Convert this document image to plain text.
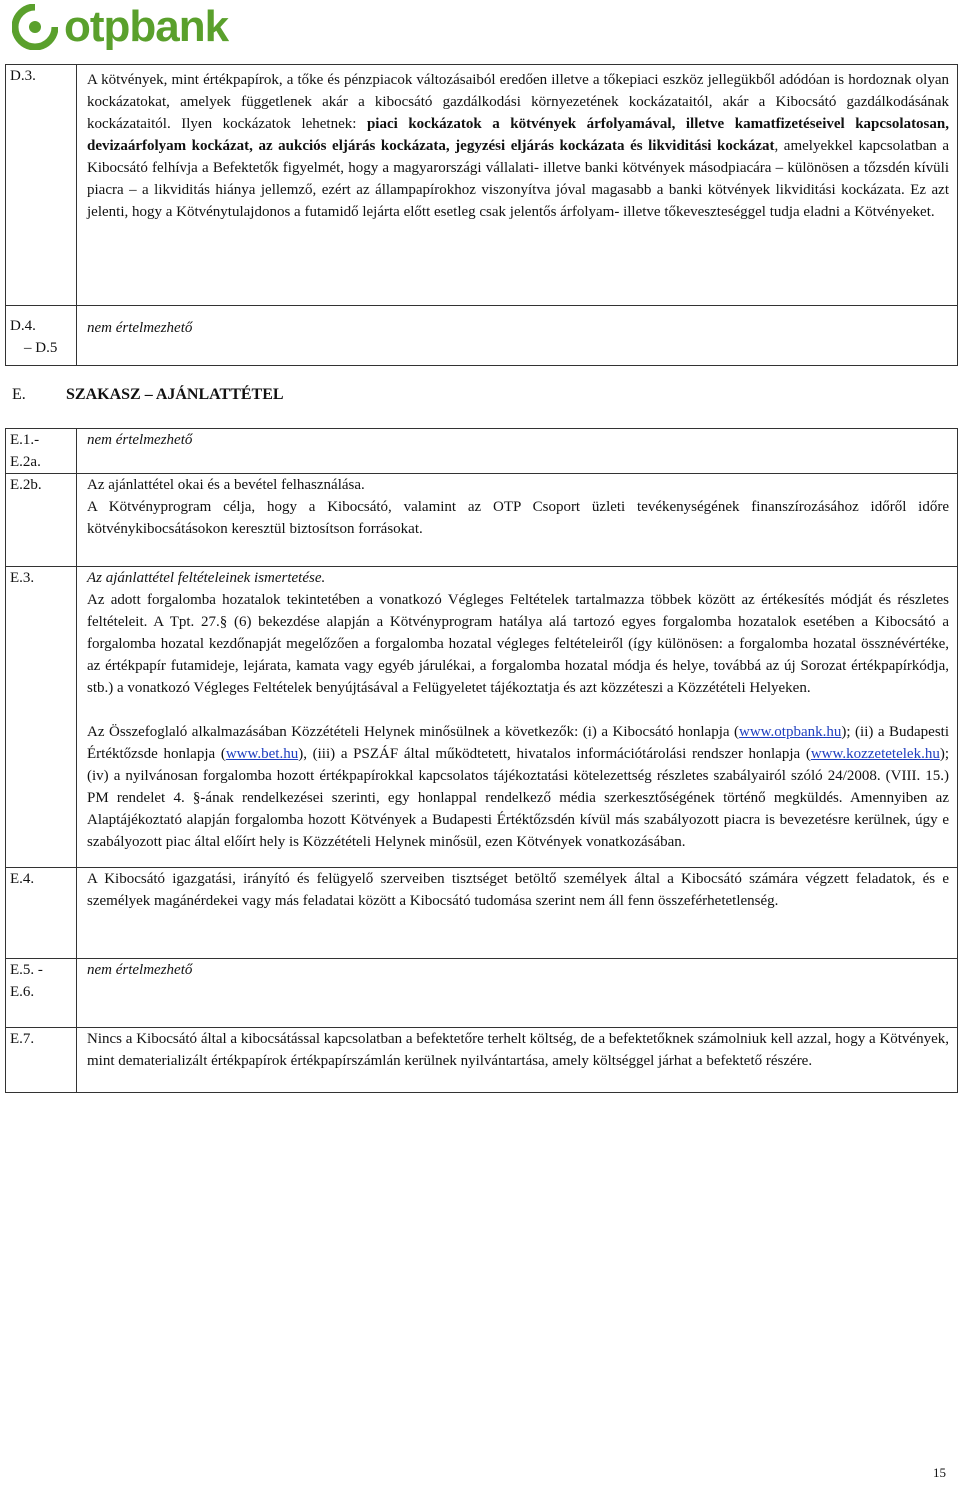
otpbank
D.3.	A kötvények, mint értékpapírok, a tőke és pénzpiacok változásaiból eredően illetve a tőkepiaci eszköz jellegükből adódóan is hordoznak olyan kockázatokat, amelyek függetlenek akár a kibocsátó gazdálkodási környezetének kockázataitól, akár a Kibocsátó gazdálkodásának kockázataitól. Ilyen kockázatok lehetnek: piaci kockázatok a kötvények árfolyamával, illetve kamatfizetéseivel kapcsolatosan, devizaárfolyam kockázat, az aukciós eljárás kockázata, jegyzési eljárás kockázata és likviditási kockázat, amelyekkel kapcsolatban a Kibocsátó felhívja a Befektetők figyelmét, hogy a magyarországi vállalati- illetve banki kötvények másodpiacára – különösen a tőzsdén kívüli piacra – a likviditás hiánya jellemző, ezért az állampapírokhoz viszonyítva jóval magasabb a banki kötvények likviditási kockázata. Ez azt jelenti, hogy a Kötvénytulajdonos a futamidő lejárta előtt esetleg csak jelentős árfolyam- illetve tőkeveszteséggel tudja eladni a Kötvényeket.

D.4.
– D.5	nem értelmezhető
E.	SZAKASZ – AJÁNLATTÉTEL
E.1.-
E.2a.	nem értelmezhető
E.2b.	Az ajánlattétel okai és a bevétel felhasználása.

A Kötvényprogram célja, hogy a Kibocsátó, valamint az OTP Csoport üzleti tevékenységének finanszírozásához időről időre kötvénykibocsátásokon keresztül biztosítson forrásokat.

E.3.	Az ajánlattétel feltételeinek ismertetése.

Az adott forgalomba hozatalok tekintetében a vonatkozó Végleges Feltételek tartalmazza többek között az értékesítés módját és részletes feltételeit. A Tpt. 27.§ (6) bekezdése alapján a Kötvényprogram hatálya alá tartozó egyes forgalomba hozatalok esetében a Kibocsátó a forgalomba hozatal kezdőnapját megelőzően a forgalomba hozatal végleges feltételeiről (így különösen: a forgalomba hozatal össznévértéke, az értékpapír futamideje, lejárata, kamata vagy egyéb járulékai, a forgalomba hozatal módja és helye, továbbá az új Sorozat értékpapírkódja, stb.) a vonatkozó Végleges Feltételek benyújtásával a Felügyeletet tájékoztatja és azt közzéteszi a Közzétételi Helyeken.

Az Összefoglaló alkalmazásában Közzétételi Helynek minősülnek a következők: (i) a Kibocsátó honlapja (www.otpbank.hu); (ii) a Budapesti Értéktőzsde honlapja (www.bet.hu), (iii) a PSZÁF által működtetett, hivatalos információtárolási rendszer honlapja (www.kozzetetelek.hu); (iv) a nyilvánosan forgalomba hozott értékpapírokkal kapcsolatos tájékoztatási kötelezettség részletes szabályairól szóló 24/2008. (VIII. 15.) PM rendelet 4. §-ának rendelkezései szerinti, egy honlappal rendelkező média szerkesztőségének történő megküldés. Amennyiben az Alaptájékoztató alapján forgalomba hozott Kötvények a Budapesti Értéktőzsdén kívül más szabályozott piacra is bevezetésre kerülnek, úgy e szabályozott piac által előírt hely is Közzétételi Helynek minősül, ezen Kötvények vonatkozásában.

E.4.	A Kibocsátó igazgatási, irányító és felügyelő szerveiben tisztséget betöltő személyek által a Kibocsátó számára végzett feladatok, és e személyek magánérdekei vagy más feladatai között a Kibocsátó tudomása szerint nem áll fenn összeférhetetlenség.

E.5. -
E.6.	nem értelmezhető
E.7.	Nincs a Kibocsátó által a kibocsátással kapcsolatban a befektetőre terhelt költség, de a befektetőknek számolniuk kell azzal, hogy a Kötvények, mint dematerializált értékpapírok értékpapírszámlán kerülnek nyilvántartása, amely költséggel járhat a befektető részére.

15
